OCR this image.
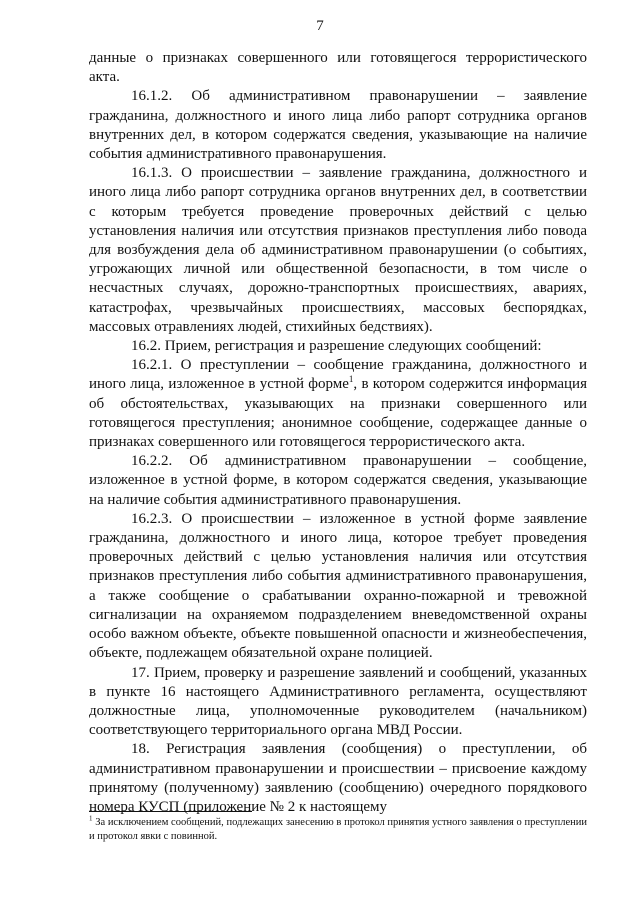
7

данные о признаках совершенного или готовящегося террористического акта.

16.1.2. Об административном правонарушении – заявление гражданина, должностного и иного лица либо рапорт сотрудника органов внутренних дел, в котором содержатся сведения, указывающие на наличие события административного правонарушения.

16.1.3. О происшествии – заявление гражданина, должностного и иного лица либо рапорт сотрудника органов внутренних дел, в соответствии с которым требуется проведение проверочных действий с целью установления наличия или отсутствия признаков преступления либо повода для возбуждения дела об административном правонарушении (о событиях, угрожающих личной или общественной безопасности, в том числе о несчастных случаях, дорожно-транспортных происшествиях, авариях, катастрофах, чрезвычайных происшествиях, массовых беспорядках, массовых отравлениях людей, стихийных бедствиях).

16.2. Прием, регистрация и разрешение следующих сообщений:

16.2.1. О преступлении – сообщение гражданина, должностного и иного лица, изложенное в устной форме$^1$, в котором содержится информация об обстоятельствах, указывающих на признаки совершенного или готовящегося преступления; анонимное сообщение, содержащее данные о признаках совершенного или готовящегося террористического акта.

16.2.2. Об административном правонарушении – сообщение, изложенное в устной форме, в котором содержатся сведения, указывающие на наличие события административного правонарушения.

16.2.3. О происшествии – изложенное в устной форме заявление гражданина, должностного и иного лица, которое требует проведения проверочных действий с целью установления наличия или отсутствия признаков преступления либо события административного правонарушения, а также сообщение о срабатывании охранно-пожарной и тревожной сигнализации на охраняемом подразделением вневедомственной охраны особо важном объекте, объекте повышенной опасности и жизнеобеспечения, объекте, подлежащем обязательной охране полицией.

17. Прием, проверку и разрешение заявлений и сообщений, указанных в пункте 16 настоящего Административного регламента, осуществляют должностные лица, уполномоченные руководителем (начальником) соответствующего территориального органа МВД России.

18. Регистрация заявления (сообщения) о преступлении, об административном правонарушении и происшествии – присвоение каждому принятому (полученному) заявлению (сообщению) очередного порядкового номера КУСП (приложение № 2 к настоящему

$^1$ За исключением сообщений, подлежащих занесению в протокол принятия устного заявления о преступлении и протокол явки с повинной.
